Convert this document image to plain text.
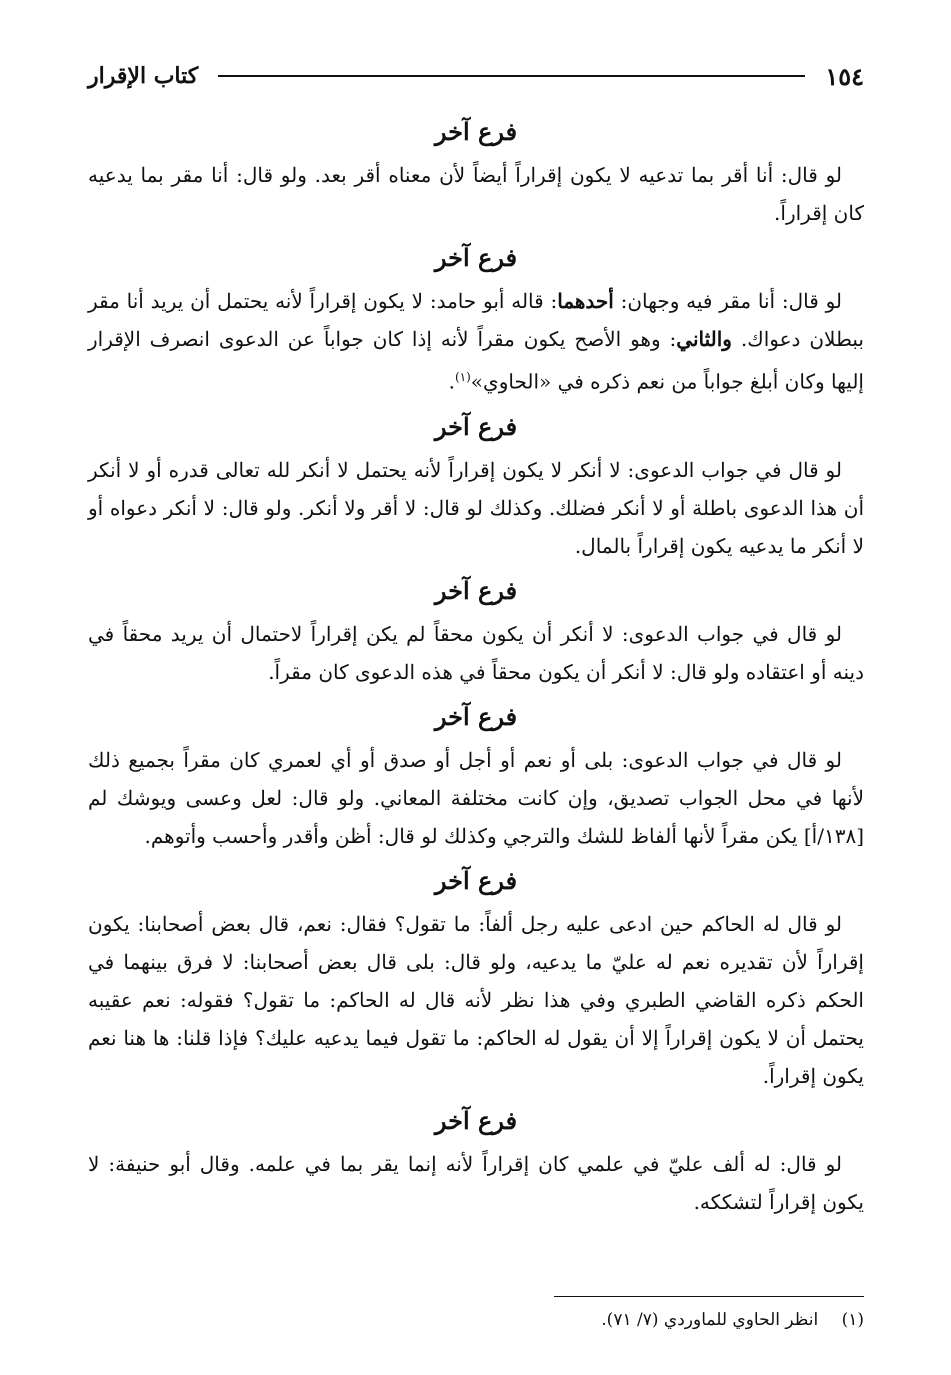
١٥٤
كتاب الإقرار
فرع آخر

لو قال: أنا أقر بما تدعيه لا يكون إقراراً أيضاً لأن معناه أقر بعد. ولو قال: أنا مقر بما يدعيه كان إقراراً.

فرع آخر

لو قال: أنا مقر فيه وجهان: أحدهما: قاله أبو حامد: لا يكون إقراراً لأنه يحتمل أن يريد أنا مقر ببطلان دعواك. والثاني: وهو الأصح يكون مقراً لأنه إذا كان جواباً عن الدعوى انصرف الإقرار إليها وكان أبلغ جواباً من نعم ذكره في «الحاوي»$^{(١)}$.

فرع آخر

لو قال في جواب الدعوى: لا أنكر لا يكون إقراراً لأنه يحتمل لا أنكر لله تعالى قدره أو لا أنكر أن هذا الدعوى باطلة أو لا أنكر فضلك. وكذلك لو قال: لا أقر ولا أنكر. ولو قال: لا أنكر دعواه أو لا أنكر ما يدعيه يكون إقراراً بالمال.

فرع آخر

لو قال في جواب الدعوى: لا أنكر أن يكون محقاً لم يكن إقراراً لاحتمال أن يريد محقاً في دينه أو اعتقاده ولو قال: لا أنكر أن يكون محقاً في هذه الدعوى كان مقراً.

فرع آخر

لو قال في جواب الدعوى: بلى أو نعم أو أجل أو صدق أو أي لعمري كان مقراً بجميع ذلك لأنها في محل الجواب تصديق، وإن كانت مختلفة المعاني. ولو قال: لعل وعسى ويوشك لم [١٣٨/أ] يكن مقراً لأنها ألفاظ للشك والترجي وكذلك لو قال: أظن وأقدر وأحسب وأتوهم.

فرع آخر

لو قال له الحاكم حين ادعى عليه رجل ألفاً: ما تقول؟ فقال: نعم، قال بعض أصحابنا: يكون إقراراً لأن تقديره نعم له عليّ ما يدعيه، ولو قال: بلى قال بعض أصحابنا: لا فرق بينهما في الحكم ذكره القاضي الطبري وفي هذا نظر لأنه قال له الحاكم: ما تقول؟ فقوله: نعم عقيبه يحتمل أن لا يكون إقراراً إلا أن يقول له الحاكم: ما تقول فيما يدعيه عليك؟ فإذا قلنا: ها هنا نعم يكون إقراراً.

فرع آخر

لو قال: له ألف عليّ في علمي كان إقراراً لأنه إنما يقر بما في علمه. وقال أبو حنيفة: لا يكون إقراراً لتشككه.

(١) انظر الحاوي للماوردي (٧/ ٧١).
